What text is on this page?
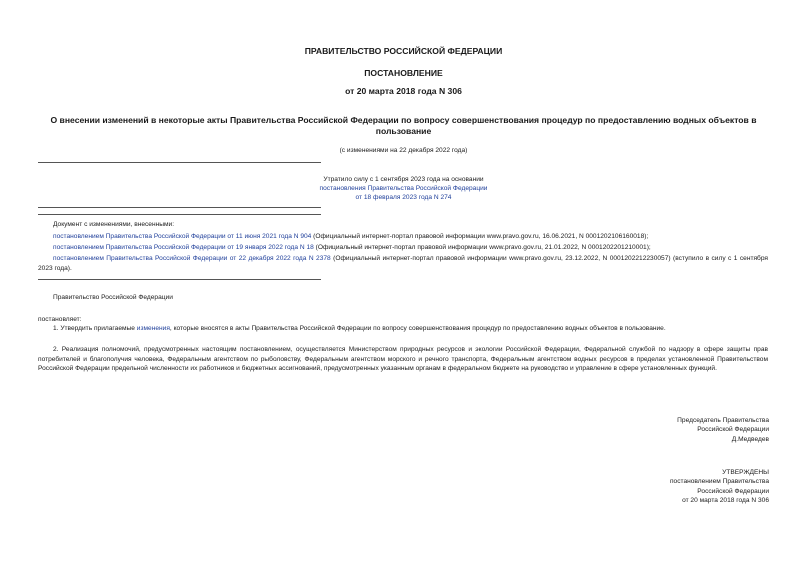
ПРАВИТЕЛЬСТВО РОССИЙСКОЙ ФЕДЕРАЦИИ
ПОСТАНОВЛЕНИЕ
от 20 марта 2018 года N 306
О внесении изменений в некоторые акты Правительства Российской Федерации по вопросу совершенствования процедур по предоставлению водных объектов в пользование
(с изменениями на 22 декабря 2022 года)
Утратило силу с 1 сентября 2023 года на основании
постановления Правительства Российской Федерации
от 18 февраля 2023 года N 274
Документ с изменениями, внесенными:
постановлением Правительства Российской Федерации от 11 июня 2021 года N 904 (Официальный интернет-портал правовой информации www.pravo.gov.ru, 16.06.2021, N 0001202106160018);
постановлением Правительства Российской Федерации от 19 января 2022 года N 18 (Официальный интернет-портал правовой информации www.pravo.gov.ru, 21.01.2022, N 0001202201210001);
постановлением Правительства Российской Федерации от 22 декабря 2022 года N 2378 (Официальный интернет-портал правовой информации www.pravo.gov.ru, 23.12.2022, N 0001202212230057) (вступило в силу с 1 сентября 2023 года).
Правительство Российской Федерации
постановляет:
1. Утвердить прилагаемые изменения, которые вносятся в акты Правительства Российской Федерации по вопросу совершенствования процедур по предоставлению водных объектов в пользование.
2. Реализация полномочий, предусмотренных настоящим постановлением, осуществляется Министерством природных ресурсов и экологии Российской Федерации, Федеральной службой по надзору в сфере защиты прав потребителей и благополучия человека, Федеральным агентством по рыболовству, Федеральным агентством морского и речного транспорта, Федеральным агентством водных ресурсов в пределах установленной Правительством Российской Федерации предельной численности их работников и бюджетных ассигнований, предусмотренных указанным органам в федеральном бюджете на руководство и управление в сфере установленных функций.
Председатель Правительства
Российской Федерации
Д.Медведев
УТВЕРЖДЕНЫ
постановлением Правительства
Российской Федерации
от 20 марта 2018 года N 306
